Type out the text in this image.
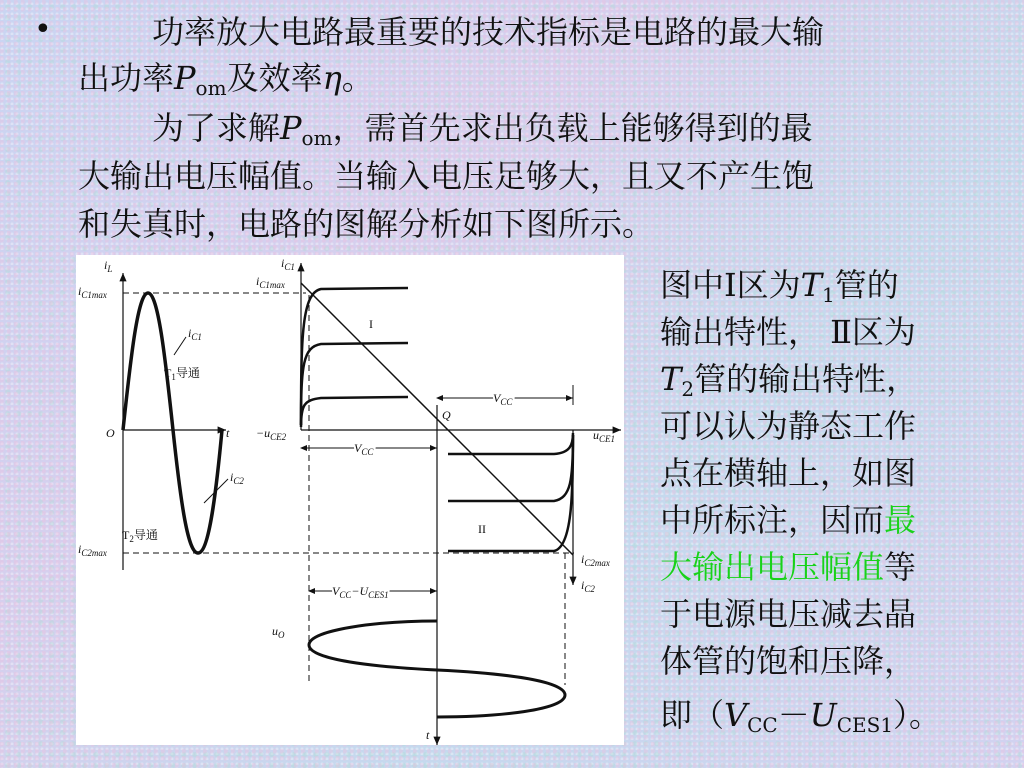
•	功率放大电路最重要的技术指标是电路的最大输
出功率$P_{om}$及效率η。
为了求解$P_{om}$，需首先求出负载上能够得到的最
大输出电压幅值。当输入电压足够大，且又不产生饱
和失真时，电路的图解分析如下图所示。
$i_L$
$i_{C1max}$
$i_{C1}$
$T_1$导通
O	t
$i_{C2}$
$T_2$导通
$i_{C2max}$
$i_{C1}$
$i_{C1max}$
I
II
Q
$V_{CC}$
$-u_{CE2}$
$V_{CC}$
$u_{CE1}$
$i_{C2max}$
$i_{C2}$
$V_{CC}-U_{CES1}$
$u_O$
t
图中Ⅰ区为$T_1$管的
输出特性， Ⅱ区为
$T_2$管的输出特性，
可以认为静态工作
点在横轴上，如图
中所标注，因而最
大输出电压幅值等
于电源电压减去晶
体管的饱和压降，
即$(V_{CC}-U_{CES1})$。
